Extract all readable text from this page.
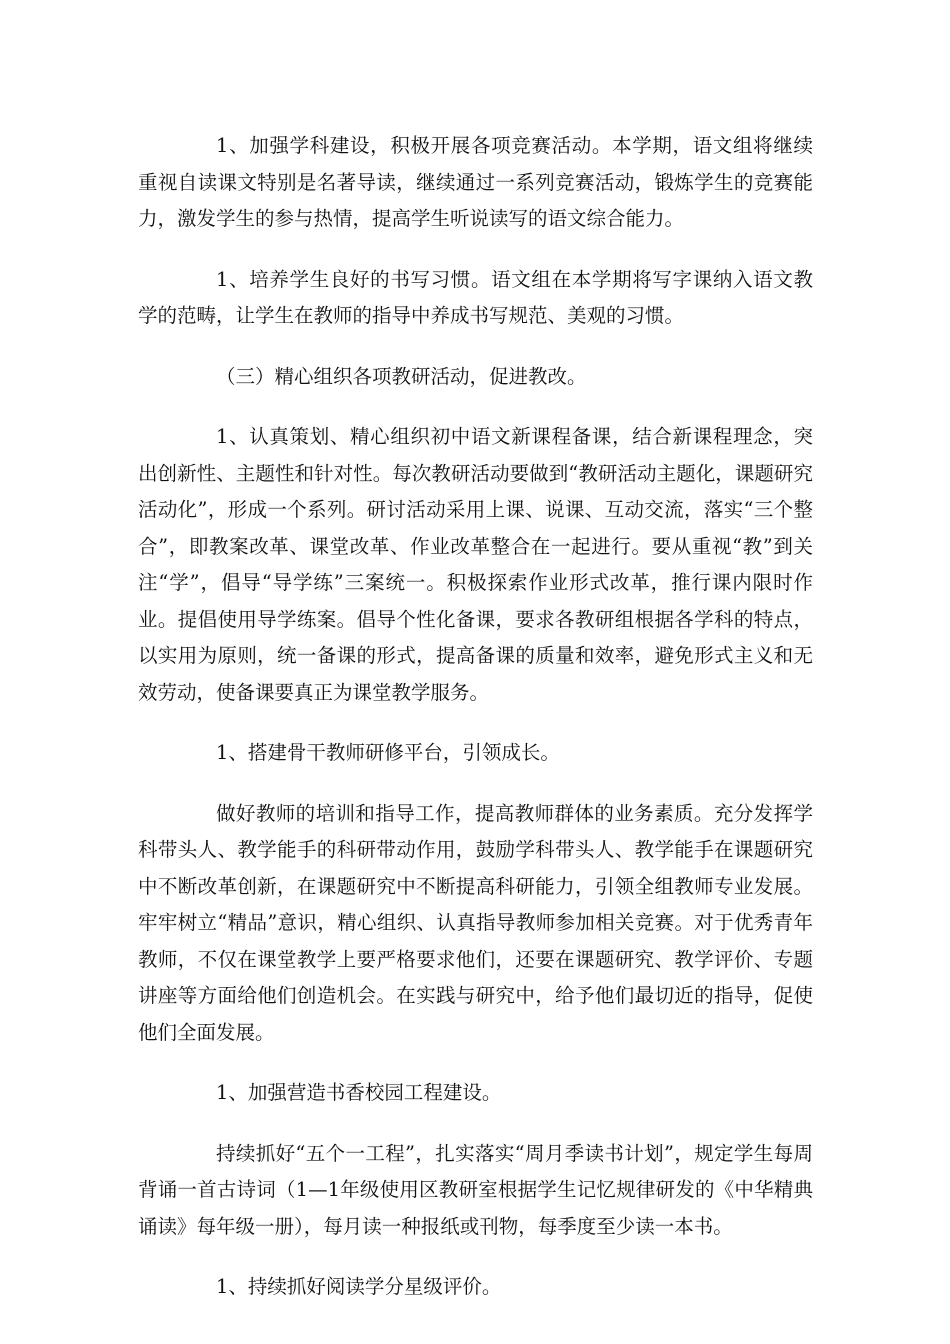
1、加强学科建设，积极开展各项竞赛活动。本学期，语文组将继续重视自读课文特别是名著导读，继续通过一系列竞赛活动，锻炼学生的竞赛能力，激发学生的参与热情，提高学生听说读写的语文综合能力。

1、培养学生良好的书写习惯。语文组在本学期将写字课纳入语文教学的范畴，让学生在教师的指导中养成书写规范、美观的习惯。

（三）精心组织各项教研活动，促进教改。

1、认真策划、精心组织初中语文新课程备课，结合新课程理念，突出创新性、主题性和针对性。每次教研活动要做到“教研活动主题化，课题研究活动化”，形成一个系列。研讨活动采用上课、说课、互动交流，落实“三个整合”，即教案改革、课堂改革、作业改革整合在一起进行。要从重视“教”到关注“学”，倡导“导学练”三案统一。积极探索作业形式改革，推行课内限时作业。提倡使用导学练案。倡导个性化备课，要求各教研组根据各学科的特点，以实用为原则，统一备课的形式，提高备课的质量和效率，避免形式主义和无效劳动，使备课要真正为课堂教学服务。

1、搭建骨干教师研修平台，引领成长。

做好教师的培训和指导工作，提高教师群体的业务素质。充分发挥学科带头人、教学能手的科研带动作用，鼓励学科带头人、教学能手在课题研究中不断改革创新，在课题研究中不断提高科研能力，引领全组教师专业发展。牢牢树立“精品”意识，精心组织、认真指导教师参加相关竞赛。对于优秀青年教师，不仅在课堂教学上要严格要求他们，还要在课题研究、教学评价、专题讲座等方面给他们创造机会。在实践与研究中，给予他们最切近的指导，促使他们全面发展。

1、加强营造书香校园工程建设。

持续抓好“五个一工程”，扎实落实“周月季读书计划”，规定学生每周背诵一首古诗词（1—1年级使用区教研室根据学生记忆规律研发的《中华精典诵读》每年级一册），每月读一种报纸或刊物，每季度至少读一本书。

1、持续抓好阅读学分星级评价。
